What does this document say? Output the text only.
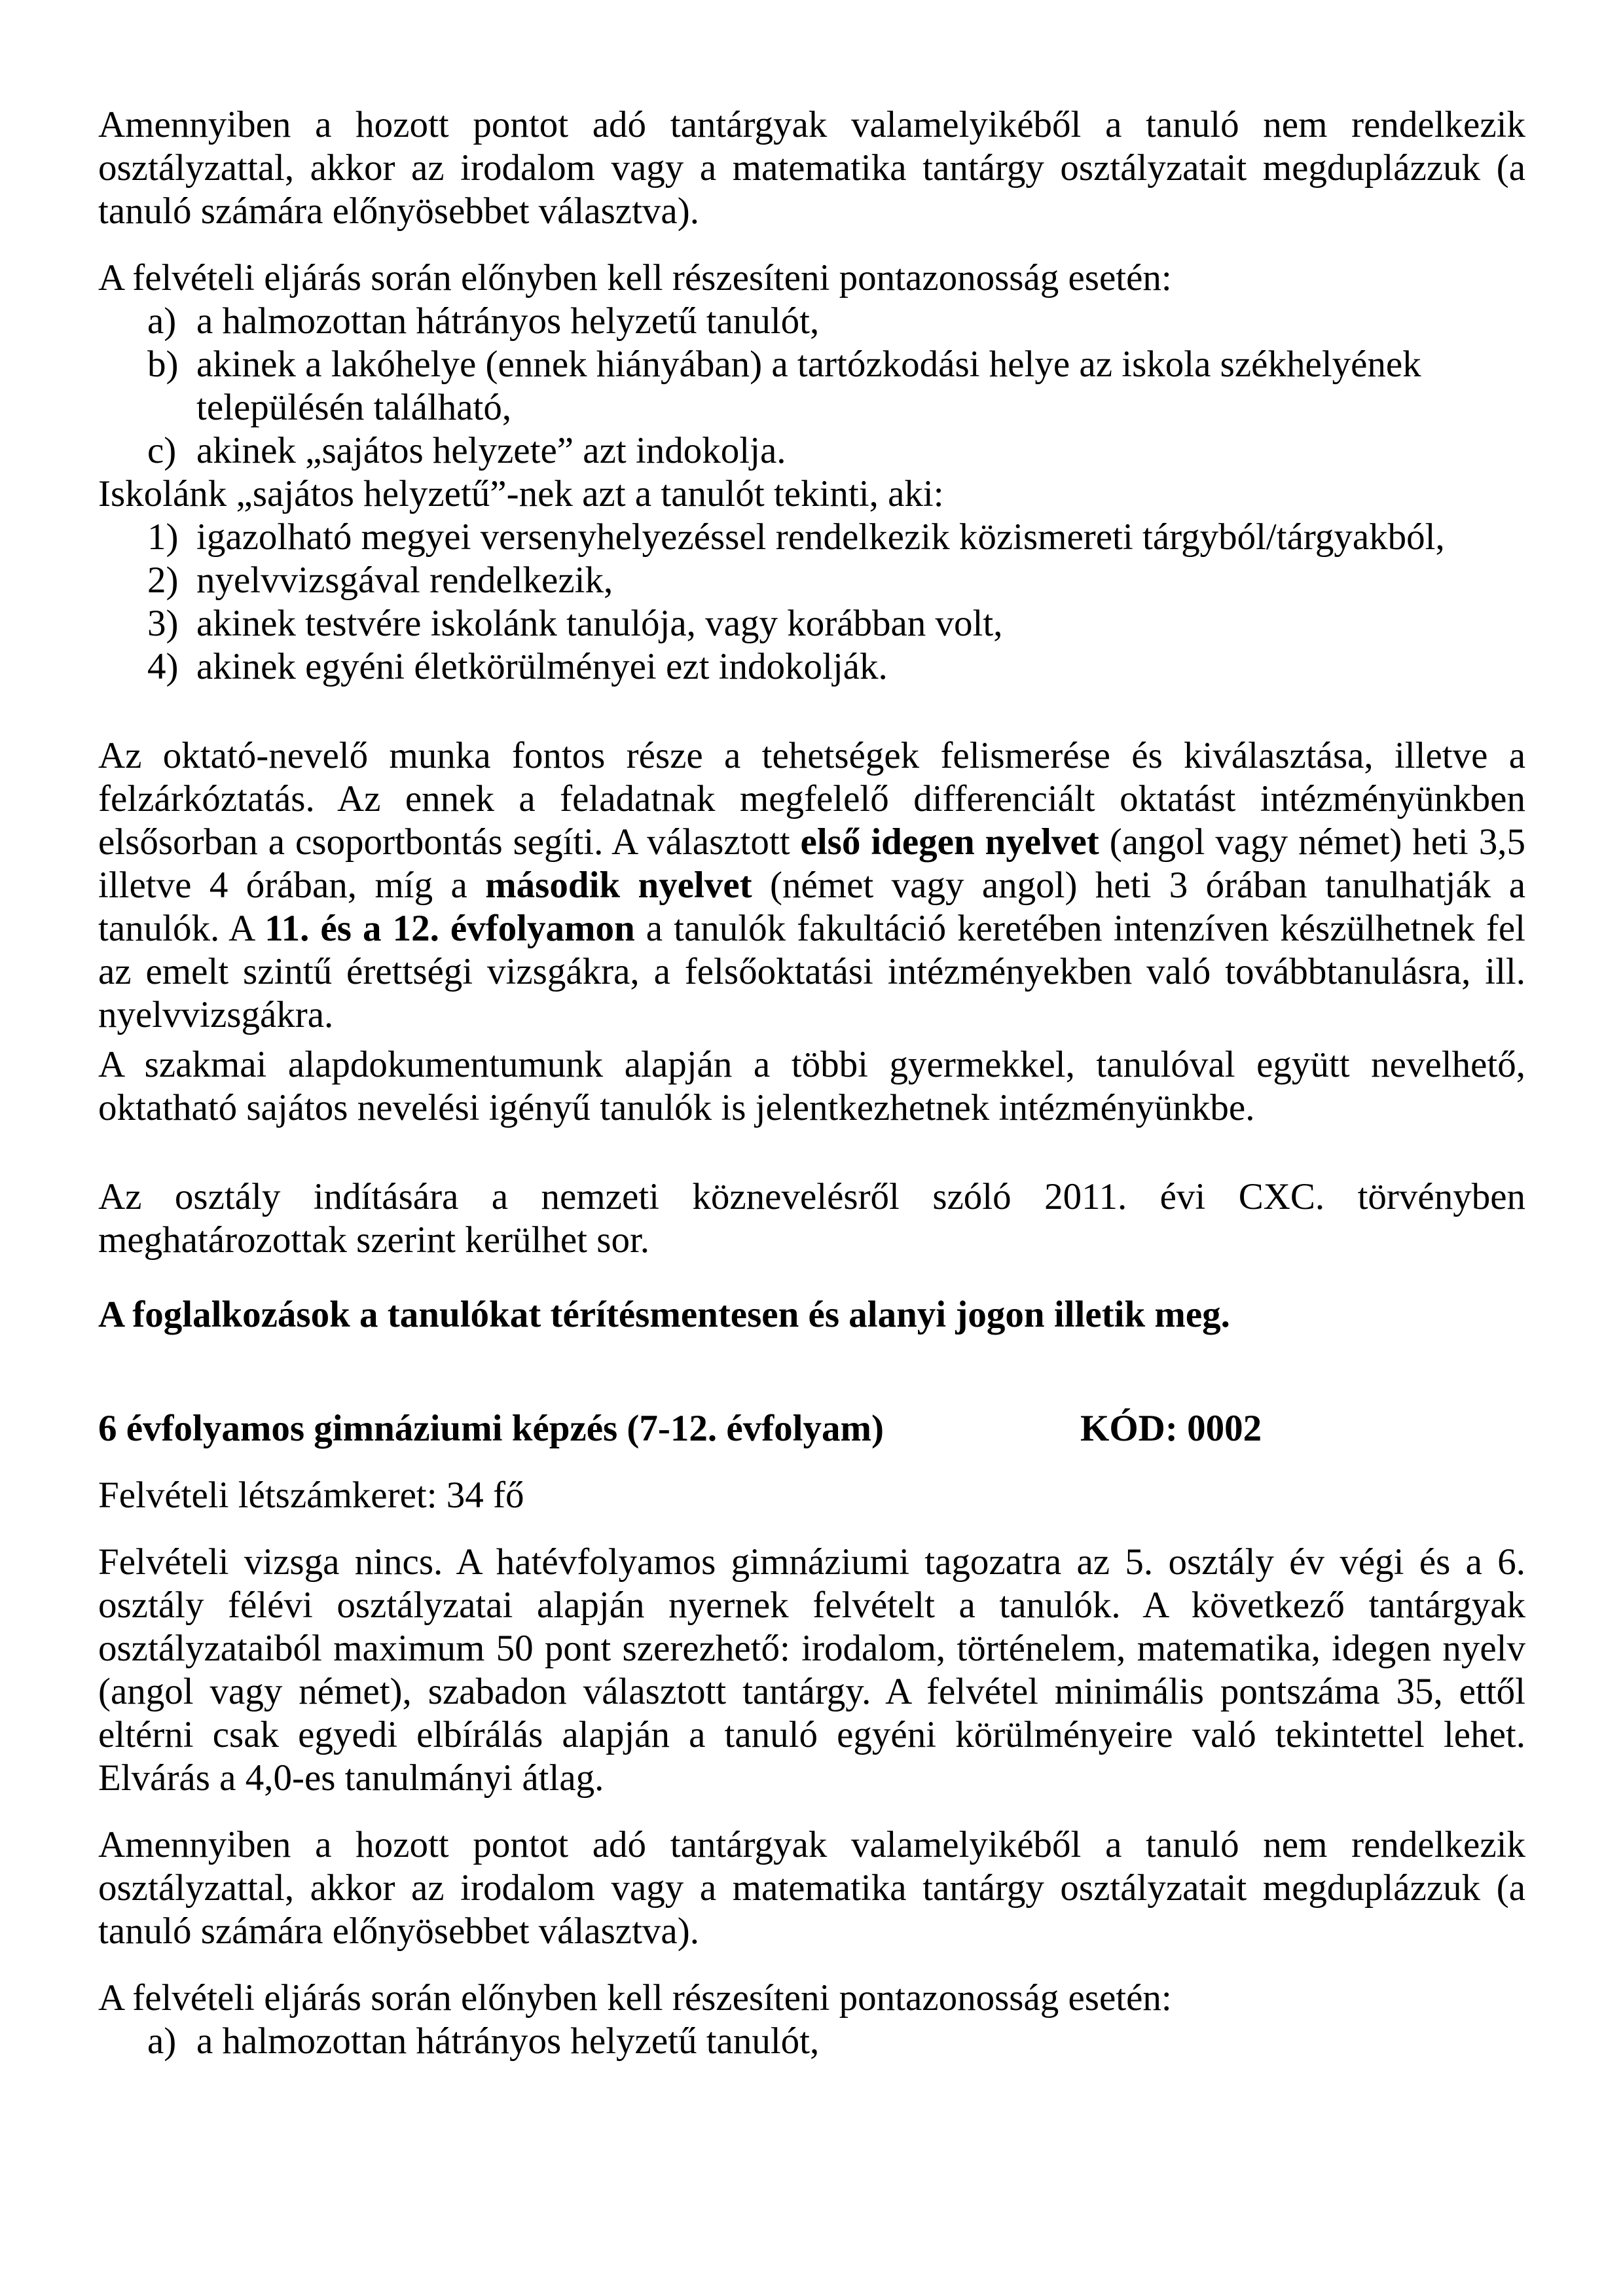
Amennyiben a hozott pontot adó tantárgyak valamelyikéből a tanuló nem rendelkezik osztályzattal, akkor az irodalom vagy a matematika tantárgy osztályzatait megduplázzuk (a tanuló számára előnyösebbet választva).

A felvételi eljárás során előnyben kell részesíteni pontazonosság esetén:

a) a halmozottan hátrányos helyzetű tanulót,
b) akinek a lakóhelye (ennek hiányában) a tartózkodási helye az iskola székhelyének településén található,
c) akinek „sajátos helyzete” azt indokolja.

Iskolánk „sajátos helyzetű”-nek azt a tanulót tekinti, aki:

1) igazolható megyei versenyhelyezéssel rendelkezik közismereti tárgyból/tárgyakból,
2) nyelvvizsgával rendelkezik,
3) akinek testvére iskolánk tanulója, vagy korábban volt,
4) akinek egyéni életkörülményei ezt indokolják.

Az oktató-nevelő munka fontos része a tehetségek felismerése és kiválasztása, illetve a felzárkóztatás. Az ennek a feladatnak megfelelő differenciált oktatást intézményünkben elsősorban a csoportbontás segíti. A választott első idegen nyelvet (angol vagy német) heti 3,5 illetve 4 órában, míg a második nyelvet (német vagy angol) heti 3 órában tanulhatják a tanulók. A 11. és a 12. évfolyamon a tanulók fakultáció keretében intenzíven készülhetnek fel az emelt szintű érettségi vizsgákra, a felsőoktatási intézményekben való továbbtanulásra, ill. nyelvvizsgákra.

A szakmai alapdokumentumunk alapján a többi gyermekkel, tanulóval együtt nevelhető, oktatható sajátos nevelési igényű tanulók is jelentkezhetnek intézményünkbe.

Az osztály indítására a nemzeti köznevelésről szóló 2011. évi CXC. törvényben meghatározottak szerint kerülhet sor.

A foglalkozások a tanulókat térítésmentesen és alanyi jogon illetik meg.

6 évfolyamos gimnáziumi képzés (7-12. évfolyam)	KÓD: 0002

Felvételi létszámkeret: 34 fő

Felvételi vizsga nincs. A hatévfolyamos gimnáziumi tagozatra az 5. osztály év végi és a 6. osztály félévi osztályzatai alapján nyernek felvételt a tanulók. A következő tantárgyak osztályzataiból maximum 50 pont szerezhető: irodalom, történelem, matematika, idegen nyelv (angol vagy német), szabadon választott tantárgy. A felvétel minimális pontszáma 35, ettől eltérni csak egyedi elbírálás alapján a tanuló egyéni körülményeire való tekintettel lehet. Elvárás a 4,0-es tanulmányi átlag.

Amennyiben a hozott pontot adó tantárgyak valamelyikéből a tanuló nem rendelkezik osztályzattal, akkor az irodalom vagy a matematika tantárgy osztályzatait megduplázzuk (a tanuló számára előnyösebbet választva).

A felvételi eljárás során előnyben kell részesíteni pontazonosság esetén:

a) a halmozottan hátrányos helyzetű tanulót,
